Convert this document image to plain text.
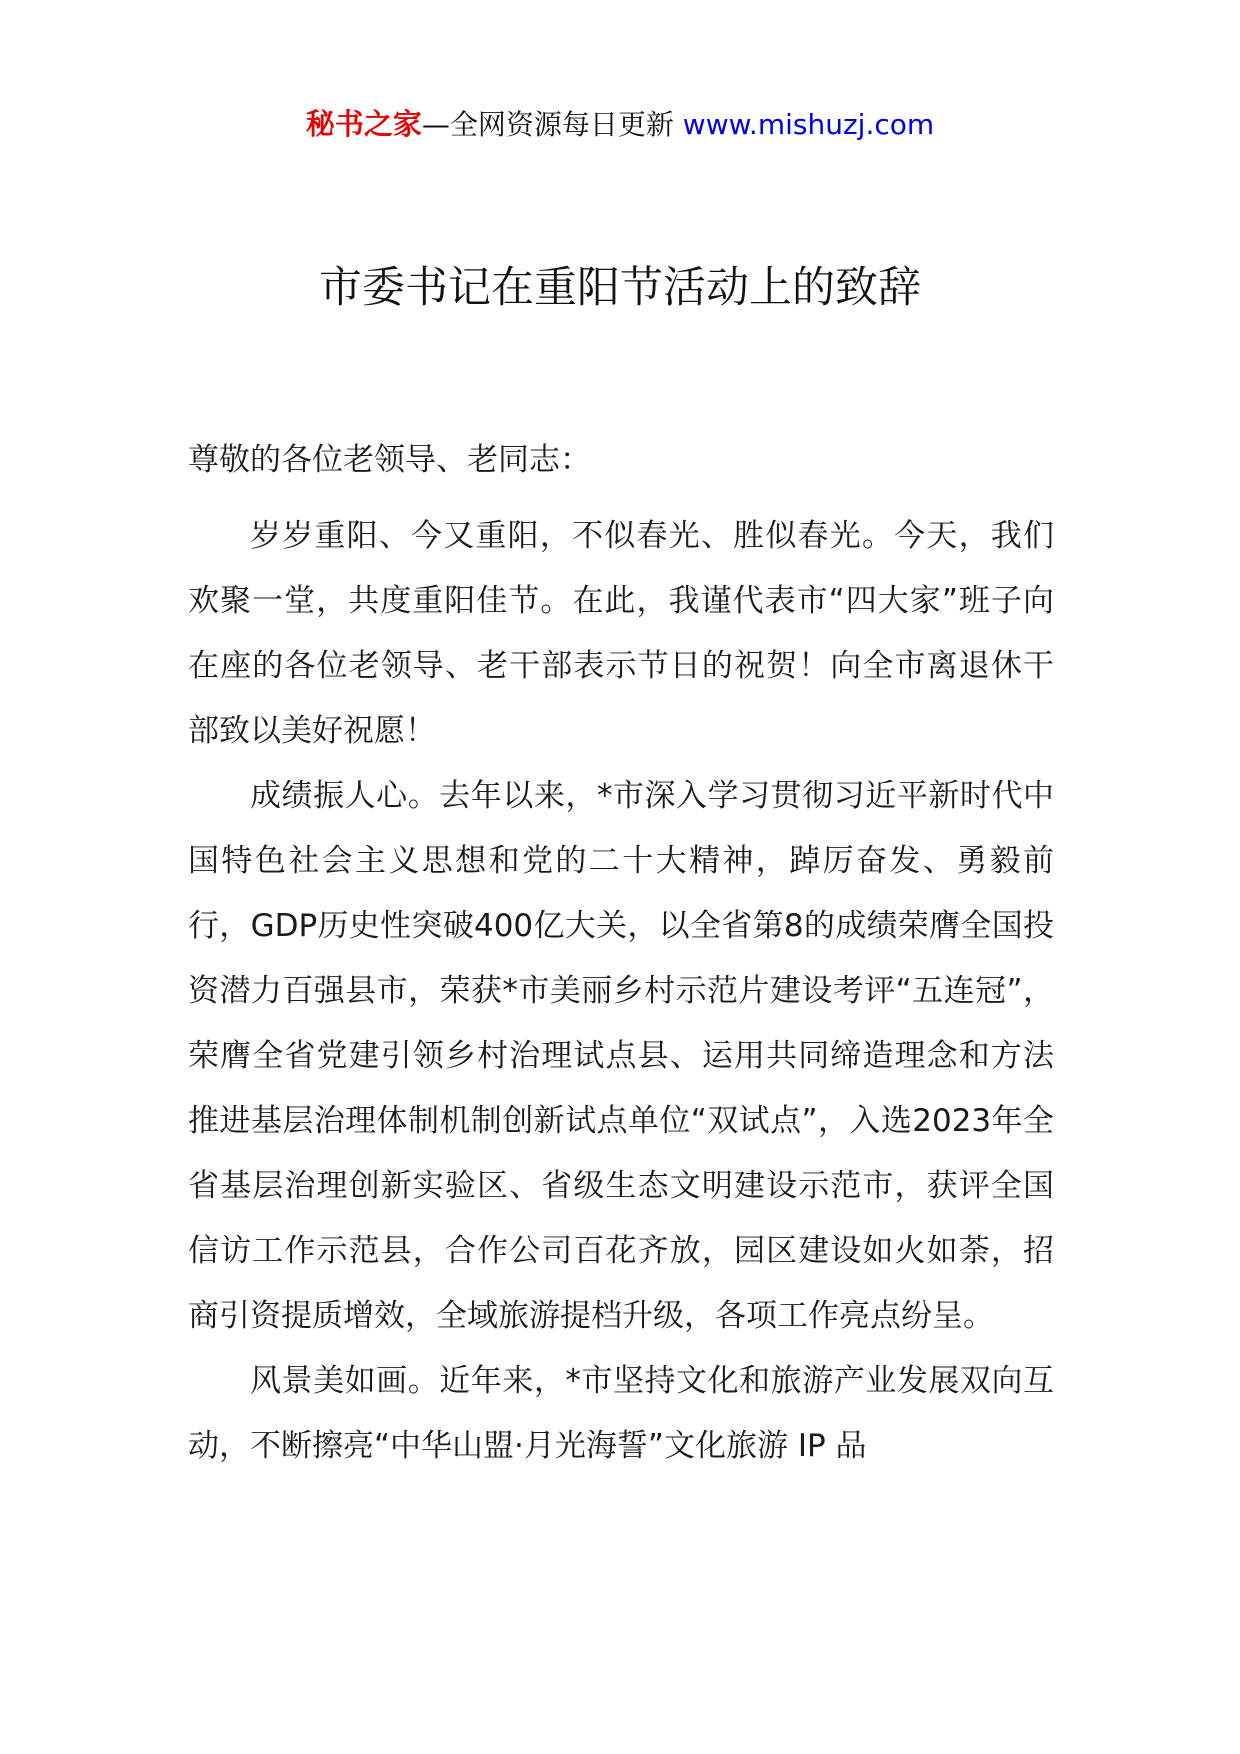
秘书之家—全网资源每日更新 www.mishuzj.com
市委书记在重阳节活动上的致辞

尊敬的各位老领导、老同志：

岁岁重阳、今又重阳，不似春光、胜似春光。今天，我们欢聚一堂，共度重阳佳节。在此，我谨代表市“四大家”班子向在座的各位老领导、老干部表示节日的祝贺！向全市离退休干部致以美好祝愿！

成绩振人心。去年以来，*市深入学习贯彻习近平新时代中国特色社会主义思想和党的二十大精神，踔厉奋发、勇毅前行，GDP历史性突破400亿大关，以全省第8的成绩荣膺全国投资潜力百强县市，荣获*市美丽乡村示范片建设考评“五连冠”，荣膺全省党建引领乡村治理试点县、运用共同缔造理念和方法推进基层治理体制机制创新试点单位“双试点”，入选2023年全省基层治理创新实验区、省级生态文明建设示范市，获评全国信访工作示范县，合作公司百花齐放，园区建设如火如荼，招商引资提质增效，全域旅游提档升级，各项工作亮点纷呈。

风景美如画。近年来，*市坚持文化和旅游产业发展双向互动，不断擦亮“中华山盟·月光海誓”文化旅游 IP 品
